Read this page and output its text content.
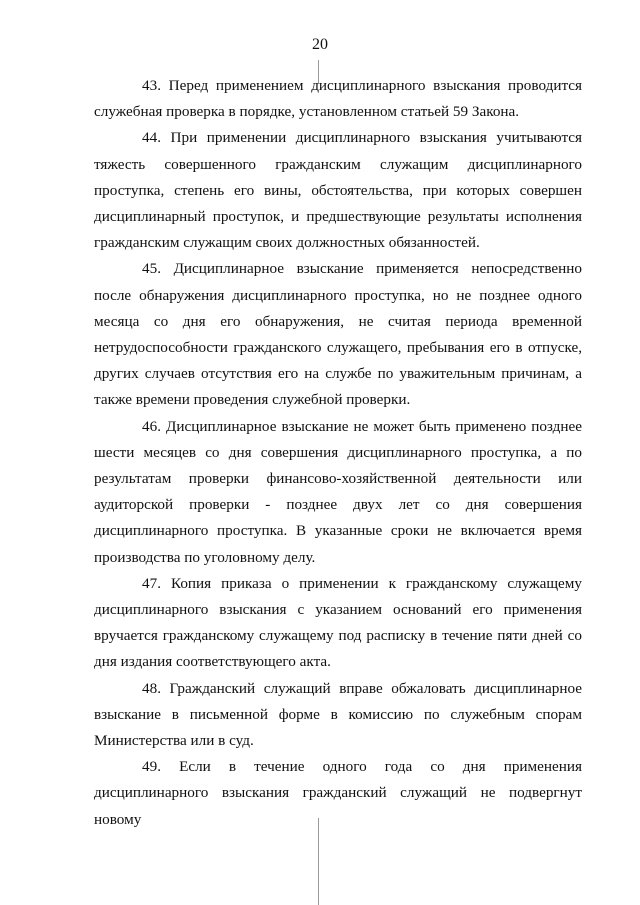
20

43. Перед применением дисциплинарного взыскания проводится служебная проверка в порядке, установленном статьей 59 Закона.

44. При применении дисциплинарного взыскания учитываются тяжесть совершенного гражданским служащим дисциплинарного проступка, степень его вины, обстоятельства, при которых совершен дисциплинарный проступок, и предшествующие результаты исполнения гражданским служащим своих должностных обязанностей.

45. Дисциплинарное взыскание применяется непосредственно после обнаружения дисциплинарного проступка, но не позднее одного месяца со дня его обнаружения, не считая периода временной нетрудоспособности гражданского служащего, пребывания его в отпуске, других случаев отсутствия его на службе по уважительным причинам, а также времени проведения служебной проверки.

46. Дисциплинарное взыскание не может быть применено позднее шести месяцев со дня совершения дисциплинарного проступка, а по результатам проверки финансово-хозяйственной деятельности или аудиторской проверки - позднее двух лет со дня совершения дисциплинарного проступка. В указанные сроки не включается время производства по уголовному делу.

47. Копия приказа о применении к гражданскому служащему дисциплинарного взыскания с указанием оснований его применения вручается гражданскому служащему под расписку в течение пяти дней со дня издания соответствующего акта.

48. Гражданский служащий вправе обжаловать дисциплинарное взыскание в письменной форме в комиссию по служебным спорам Министерства или в суд.

49. Если в течение одного года со дня применения дисциплинарного взыскания гражданский служащий не подвергнут новому
